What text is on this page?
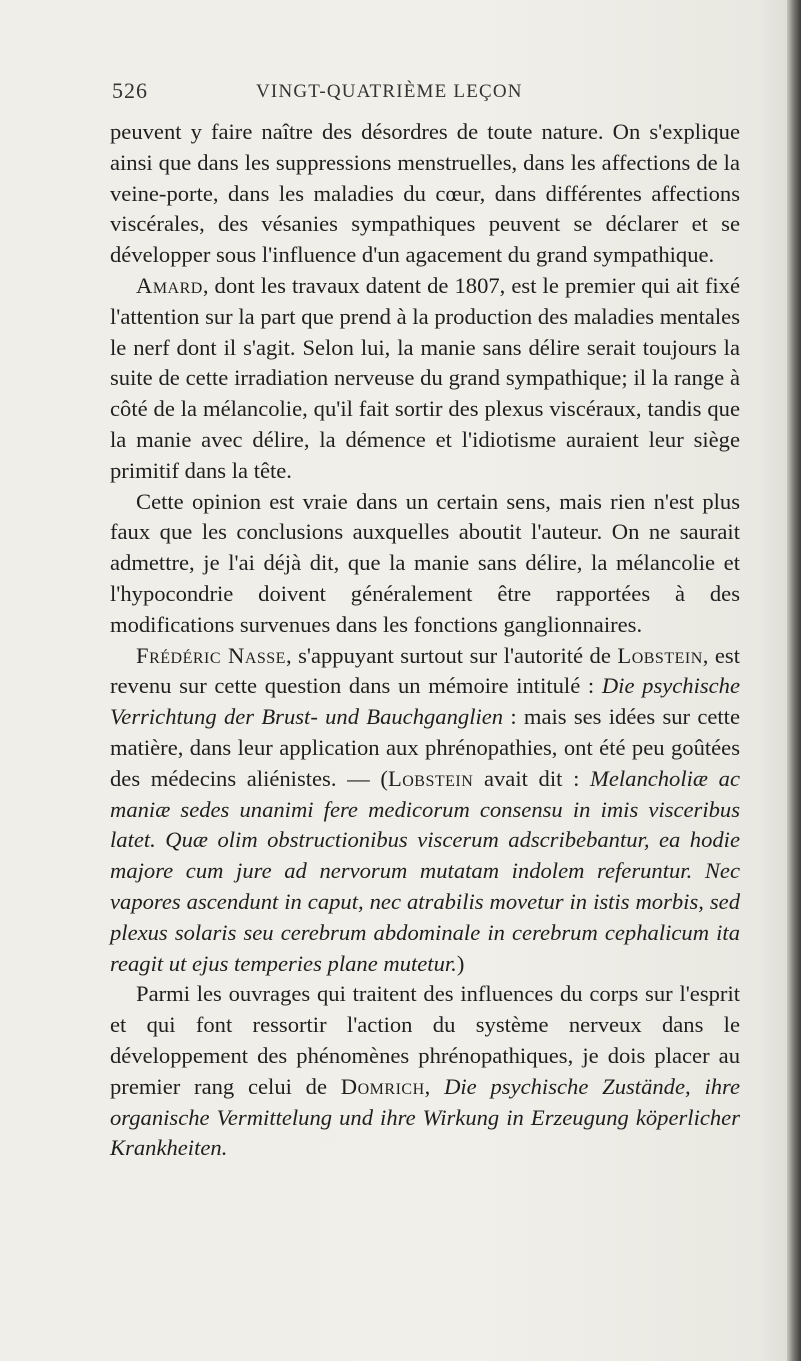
526	VINGT-QUATRIÈME LEÇON

peuvent y faire naître des désordres de toute nature. On s'explique ainsi que dans les suppressions menstruelles, dans les affections de la veine-porte, dans les maladies du cœur, dans différentes affections viscérales, des vésanies sympathiques peuvent se déclarer et se développer sous l'influence d'un agacement du grand sympathique.

Amard, dont les travaux datent de 1807, est le premier qui ait fixé l'attention sur la part que prend à la production des maladies mentales le nerf dont il s'agit. Selon lui, la manie sans délire serait toujours la suite de cette irradiation nerveuse du grand sympathique; il la range à côté de la mélancolie, qu'il fait sortir des plexus viscéraux, tandis que la manie avec délire, la démence et l'idiotisme auraient leur siège primitif dans la tête.

Cette opinion est vraie dans un certain sens, mais rien n'est plus faux que les conclusions auxquelles aboutit l'auteur. On ne saurait admettre, je l'ai déjà dit, que la manie sans délire, la mélancolie et l'hypocondrie doivent généralement être rapportées à des modifications survenues dans les fonctions ganglionnaires.

Frédéric Nasse, s'appuyant surtout sur l'autorité de Lobstein, est revenu sur cette question dans un mémoire intitulé : Die psychische Verrichtung der Brust- und Bauchganglien : mais ses idées sur cette matière, dans leur application aux phrénopathies, ont été peu goûtées des médecins aliénistes. — (Lobstein avait dit : Melancholiæ ac maniæ sedes unanimi fere medicorum consensu in imis visceribus latet. Quæ olim obstructionibus viscerum adscribebantur, ea hodie majore cum jure ad nervorum mutatam indolem referuntur. Nec vapores ascendunt in caput, nec atrabilis movetur in istis morbis, sed plexus solaris seu cerebrum abdominale in cerebrum cephalicum ita reagit ut ejus temperies plane mutetur.)

Parmi les ouvrages qui traitent des influences du corps sur l'esprit et qui font ressortir l'action du système nerveux dans le développement des phénomènes phrénopathiques, je dois placer au premier rang celui de Domrich, Die psychische Zustände, ihre organische Vermittelung und ihre Wirkung in Erzeugung köperlicher Krankheiten.
